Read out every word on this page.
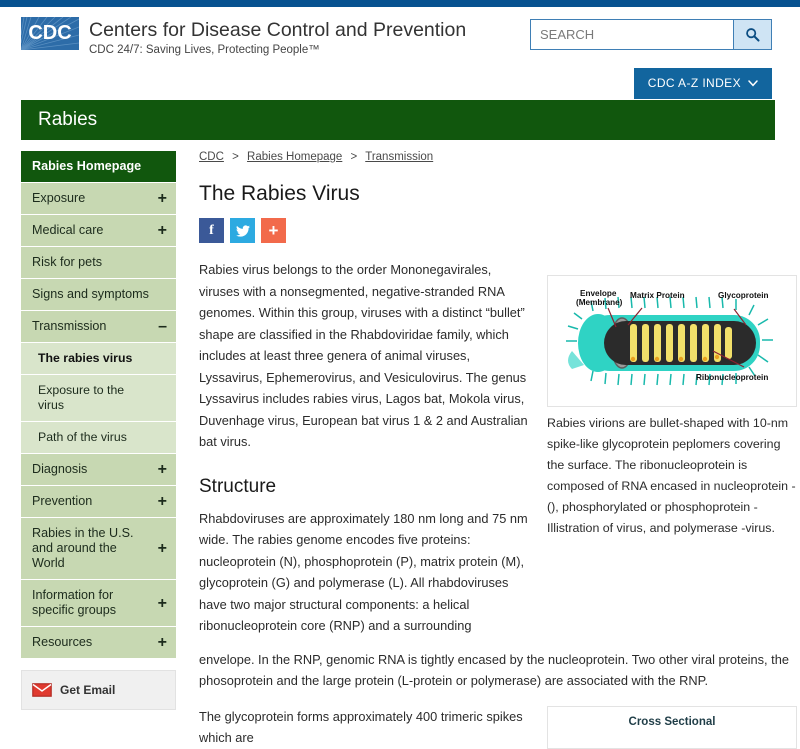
CDC Centers for Disease Control and Prevention
CDC 24/7: Saving Lives, Protecting People™
SEARCH
CDC A-Z INDEX
Rabies
Rabies Homepage
Exposure	+
Medical care	+
Risk for pets
Signs and symptoms
Transmission	–
The rabies virus
Exposure to the virus
Path of the virus
Diagnosis	+
Prevention	+
Rabies in the U.S. and around the World
+
Information for specific groups	+
Resources	+
Get Email
CDC > Rabies Homepage > Transmission
The Rabies Virus
f	+

Rabies virus belongs to the order Mononegavirales, viruses with a nonsegmented, negative-stranded RNA genomes. Within this group, viruses with a distinct “bullet” shape are classified in the Rhabdoviridae family, which includes at least three genera of animal viruses, Lyssavirus, Ephemerovirus, and Vesiculovirus. The genus Lyssavirus includes rabies virus, Lagos bat, Mokola virus, Duvenhage virus, European bat virus 1 & 2 and Australian bat virus.

Structure

Rhabdoviruses are approximately 180 nm long and 75 nm wide. The rabies genome encodes five proteins: nucleoprotein (N), phosphoprotein (P), matrix protein (M), glycoprotein (G) and polymerase (L). All rhabdoviruses have two major structural components: a helical ribonucleoprotein core (RNP) and a surrounding

Envelope
(Membrane)
Matrix Protein	Glycoprotein
Ribonucleoprotein

Rabies virions are bullet-shaped with 10-nm spike-like glycoprotein peplomers covering the surface. The ribonucleoprotein is composed of RNA encased in nucleoprotein - (), phosphorylated or phosphoprotein - Illistration of virus, and polymerase -virus.

envelope. In the RNP, genomic RNA is tightly encased by the nucleoprotein. Two other viral proteins, the phosoprotein and the large protein (L-protein or polymerase) are associated with the RNP.

The glycoprotein forms approximately 400 trimeric spikes which are

Cross Sectional
